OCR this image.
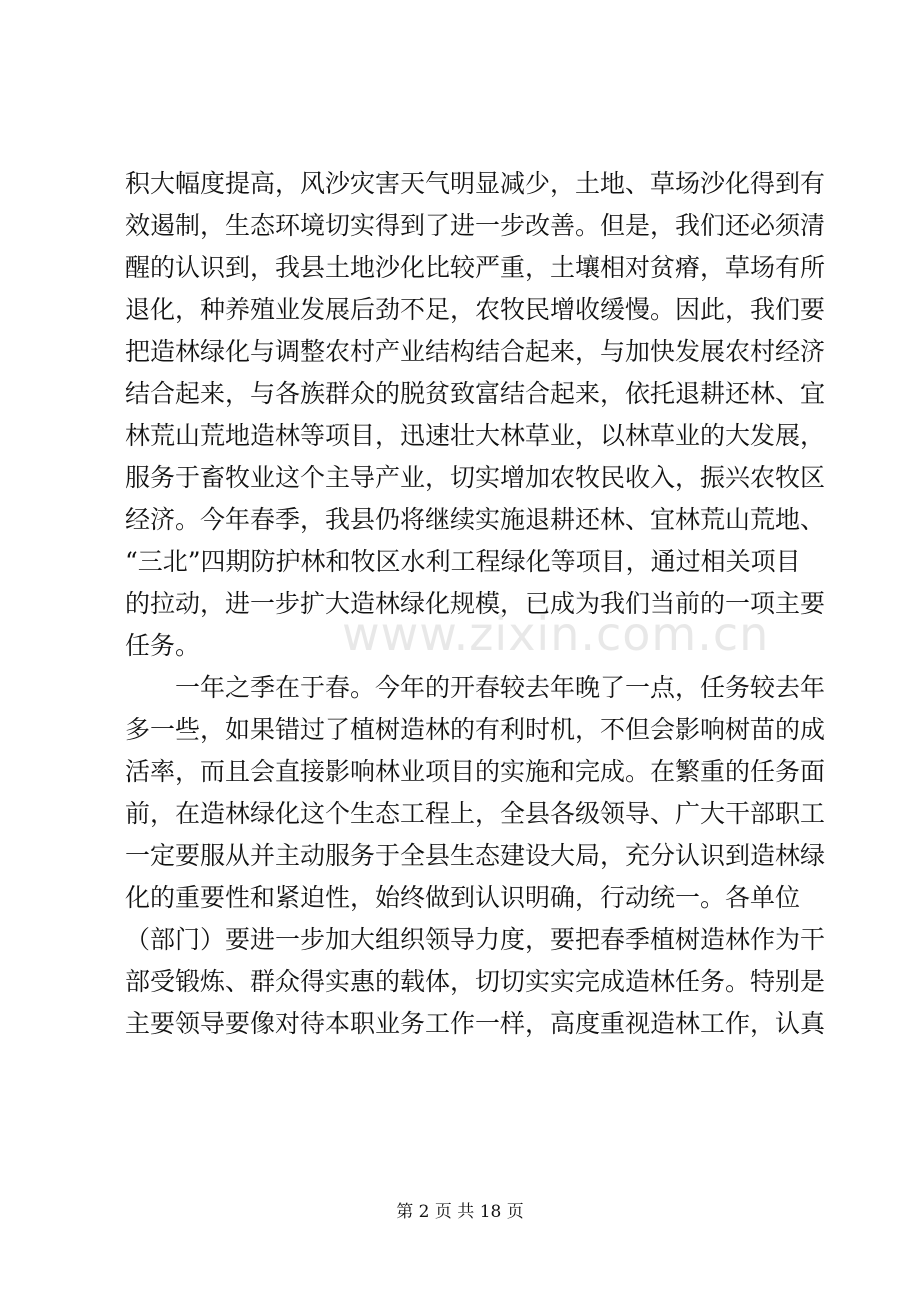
积大幅度提高，风沙灾害天气明显减少，土地、草场沙化得到有
效遏制，生态环境切实得到了进一步改善。但是，我们还必须清
醒的认识到，我县土地沙化比较严重，土壤相对贫瘠，草场有所
退化，种养殖业发展后劲不足，农牧民增收缓慢。因此，我们要
把造林绿化与调整农村产业结构结合起来，与加快发展农村经济
结合起来，与各族群众的脱贫致富结合起来，依托退耕还林、宜
林荒山荒地造林等项目，迅速壮大林草业，以林草业的大发展，
服务于畜牧业这个主导产业，切实增加农牧民收入，振兴农牧区
经济。今年春季，我县仍将继续实施退耕还林、宜林荒山荒地、
“三北”四期防护林和牧区水利工程绿化等项目，通过相关项目
的拉动，进一步扩大造林绿化规模，已成为我们当前的一项主要
任务。
　　一年之季在于春。今年的开春较去年晚了一点，任务较去年
多一些，如果错过了植树造林的有利时机，不但会影响树苗的成
活率，而且会直接影响林业项目的实施和完成。在繁重的任务面
前，在造林绿化这个生态工程上，全县各级领导、广大干部职工
一定要服从并主动服务于全县生态建设大局，充分认识到造林绿
化的重要性和紧迫性，始终做到认识明确，行动统一。各单位
（部门）要进一步加大组织领导力度，要把春季植树造林作为干
部受锻炼、群众得实惠的载体，切切实实完成造林任务。特别是
主要领导要像对待本职业务工作一样，高度重视造林工作，认真
www.zixin.com.cn
第 2 页 共 18 页
